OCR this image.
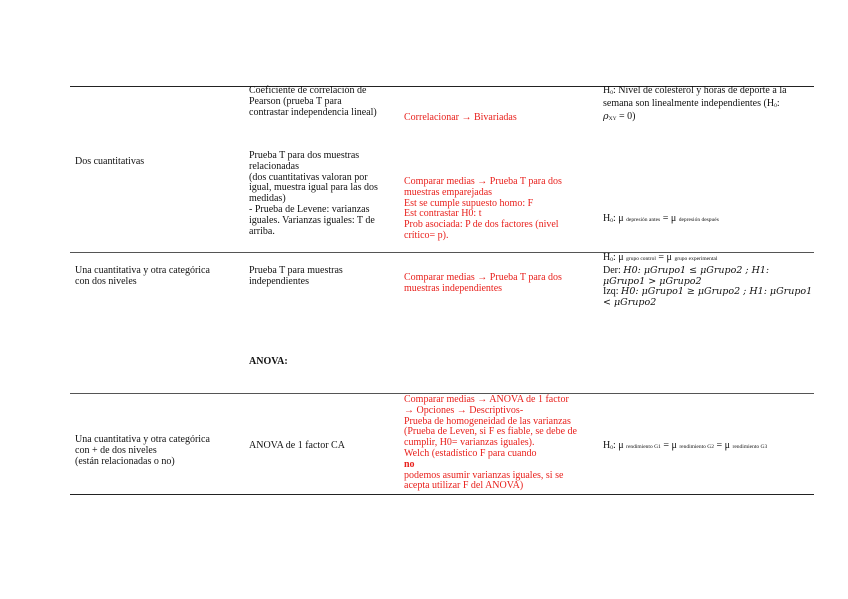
Dos cuantitativas
Coeficiente de correlación de
Pearson (prueba T para
contrastar independencia lineal)	Correlacionar → Bivariadas
$H_0$: Nivel de colesterol y horas de deporte a la
semana son linealmente independientes ($H_0$:
$\rho_{XY} = 0$)
Prueba T para dos muestras
relacionadas
(dos cuantitativas valoran por
igual, muestra igual para las dos
medidas)
- Prueba de Levene: varianzas
iguales. Varianzas iguales: T de
arriba.
Comparar medias → Prueba T para dos
muestras emparejadas
Est se cumple supuesto homo: F
Est contrastar H0: t
Prob asociada: P de dos factores (nivel
crítico= p).
$H_0$: μ depresión antes = μ depresión después
Una cuantitativa y otra categórica
con dos niveles
Prueba T para muestras
independientes	Comparar medias → Prueba T para dos
muestras independientes
$H_0$: μ grupo control = μ grupo experimental
Der: H0: μGrupo1 ≤ μGrupo2 ; H1:
μGrupo1 > μGrupo2
Izq: H0: μGrupo1 ≥ μGrupo2 ; H1: μGrupo1
< μGrupo2
ANOVA:
Una cuantitativa y otra categórica
con + de dos niveles
(están relacionadas o no)
ANOVA de 1 factor CA
Comparar medias → ANOVA de 1 factor
→ Opciones → Descriptivos-
Prueba de homogeneidad de las varianzas
(Prueba de Leven, si F es fiable, se debe de
cumplir, H0= varianzas iguales).
Welch (estadístico F para cuando
no
podemos asumir varianzas iguales, si se
acepta utilizar F del ANOVA)
$H_0$: μ rendimiento G1 = μ rendimiento G2 = μ rendimiento G3
